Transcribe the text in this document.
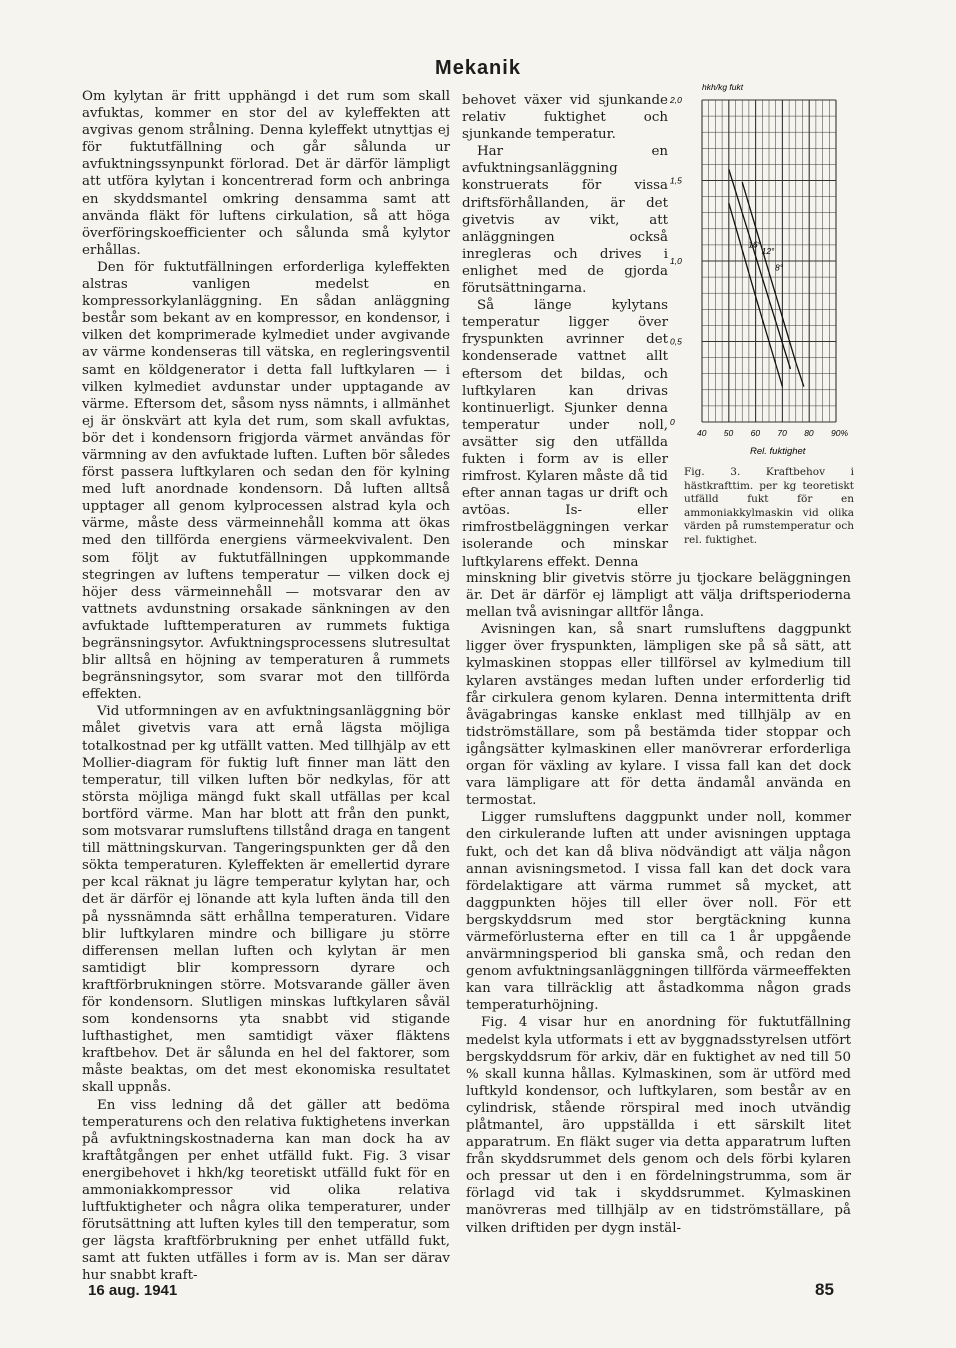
Mekanik

Om kylytan är fritt upphängd i det rum som skall avfuktas, kommer en stor del av kyleffekten att avgivas genom strålning. Denna kyleffekt utnyttjas ej för fuktutfällning och går sålunda ur avfuktningssynpunkt förlorad. Det är därför lämpligt att utföra kylytan i koncentrerad form och anbringa en skyddsmantel omkring densamma samt att använda fläkt för luftens cirkulation, så att höga överföringskoefficienter och sålunda små kylytor erhållas.

Den för fuktutfällningen erforderliga kyleffekten alstras vanligen medelst en kompressorkylanläggning. En sådan anläggning består som bekant av en kompressor, en kondensor, i vilken det komprimerade kylmediet under avgivande av värme kondenseras till vätska, en regleringsventil samt en köldgenerator i detta fall luftkylaren — i vilken kylmediet avdunstar under upptagande av värme. Eftersom det, såsom nyss nämnts, i allmänhet ej är önskvärt att kyla det rum, som skall avfuktas, bör det i kondensorn frigjorda värmet användas för värmning av den avfuktade luften. Luften bör således först passera luftkylaren och sedan den för kylning med luft anordnade kondensorn. Då luften alltså upptager all genom kylprocessen alstrad kyla och värme, måste dess värmeinnehåll komma att ökas med den tillförda energiens värmeekvivalent. Den som följt av fuktutfällningen uppkommande stegringen av luftens temperatur — vilken dock ej höjer dess värmeinnehåll — motsvarar den av vattnets avdunstning orsakade sänkningen av den avfuktade lufttemperaturen av rummets fuktiga begränsningsytor. Avfuktningsprocessens slutresultat blir alltså en höjning av temperaturen å rummets begränsningsytor, som svarar mot den tillförda effekten.

Vid utformningen av en avfuktningsanläggning bör målet givetvis vara att ernå lägsta möjliga totalkostnad per kg utfällt vatten. Med tillhjälp av ett Mollier-diagram för fuktig luft finner man lätt den temperatur, till vilken luften bör nedkylas, för att största möjliga mängd fukt skall utfällas per kcal bortförd värme. Man har blott att från den punkt, som motsvarar rumsluftens tillstånd draga en tangent till mättningskurvan. Tangeringspunkten ger då den sökta temperaturen. Kyleffekten är emellertid dyrare per kcal räknat ju lägre temperatur kylytan har, och det är därför ej lönande att kyla luften ända till den på nyssnämnda sätt erhållna temperaturen. Vidare blir luftkylaren mindre och billigare ju större differensen mellan luften och kylytan är men samtidigt blir kompressorn dyrare och kraftförbrukningen större. Motsvarande gäller även för kondensorn. Slutligen minskas luftkylaren såväl som kondensorns yta snabbt vid stigande lufthastighet, men samtidigt växer fläktens kraftbehov. Det är sålunda en hel del faktorer, som måste beaktas, om det mest ekonomiska resultatet skall uppnås.

En viss ledning då det gäller att bedöma temperaturens och den relativa fuktighetens inverkan på avfuktningskostnaderna kan man dock ha av kraftåtgången per enhet utfälld fukt. Fig. 3 visar energibehovet i hkh/kg teoretiskt utfälld fukt för en ammoniakkompressor vid olika relativa luftfuktigheter och några olika temperaturer, under förutsättning att luften kyles till den temperatur, som ger lägsta kraftförbrukning per enhet utfälld fukt, samt att fukten utfälles i form av is. Man ser därav hur snabbt kraft-

behovet växer vid sjunkande relativ fuktighet och sjunkande temperatur.

Har en avfuktningsanläggning konstruerats för vissa driftsförhållanden, är det givetvis av vikt, att anläggningen också inregleras och drives i enlighet med de gjorda förutsättningarna.

Så länge kylytans temperatur ligger över fryspunkten avrinner det kondenserade vattnet allt eftersom det bildas, och luftkylaren kan drivas kontinuerligt. Sjunker denna temperatur under noll, avsätter sig den utfällda fukten i form av is eller rimfrost. Kylaren måste då tid efter annan tagas ur drift och avtöas. Is- eller rimfrostbeläggningen verkar isolerande och minskar luftkylarens effekt. Denna

40 50 60 70 80 90%
0
0,5
1,0
1,5
2,0
16°
12°
8°
hkh/kg fukt
Rel. fuktighet
Fig. 3. Kraftbehov i hästkrafttim. per kg teoretiskt utfälld fukt för en ammoniakkylmaskin vid olika värden på rumstemperatur och rel. fuktighet.

minskning blir givetvis större ju tjockare beläggningen är. Det är därför ej lämpligt att välja driftsperioderna mellan två avisningar alltför långa.

Avisningen kan, så snart rumsluftens daggpunkt ligger över fryspunkten, lämpligen ske på så sätt, att kylmaskinen stoppas eller tillförsel av kylmedium till kylaren avstänges medan luften under erforderlig tid får cirkulera genom kylaren. Denna intermittenta drift åvägabringas kanske enklast med tillhjälp av en tidströmställare, som på bestämda tider stoppar och igångsätter kylmaskinen eller manövrerar erforderliga organ för växling av kylare. I vissa fall kan det dock vara lämpligare att för detta ändamål använda en termostat.

Ligger rumsluftens daggpunkt under noll, kommer den cirkulerande luften att under avisningen upptaga fukt, och det kan då bliva nödvändigt att välja någon annan avisningsmetod. I vissa fall kan det dock vara fördelaktigare att värma rummet så mycket, att daggpunkten höjes till eller över noll. För ett bergskyddsrum med stor bergtäckning kunna värmeförlusterna efter en till ca 1 år uppgående anvärmningsperiod bli ganska små, och redan den genom avfuktningsanläggningen tillförda värmeeffekten kan vara tillräcklig att åstadkomma någon grads temperaturhöjning.

Fig. 4 visar hur en anordning för fuktutfällning medelst kyla utformats i ett av byggnadsstyrelsen utfört bergskyddsrum för arkiv, där en fuktighet av ned till 50 % skall kunna hållas. Kylmaskinen, som är utförd med luftkyld kondensor, och luftkylaren, som består av en cylindrisk, stående rörspiral med inoch utvändig plåtmantel, äro uppställda i ett särskilt litet apparatrum. En fläkt suger via detta apparatrum luften från skyddsrummet dels genom och dels förbi kylaren och pressar ut den i en fördelningstrumma, som är förlagd vid tak i skyddsrummet. Kylmaskinen manövreras med tillhjälp av en tidströmställare, på vilken driftiden per dygn instäl-

16 aug. 1941	85
